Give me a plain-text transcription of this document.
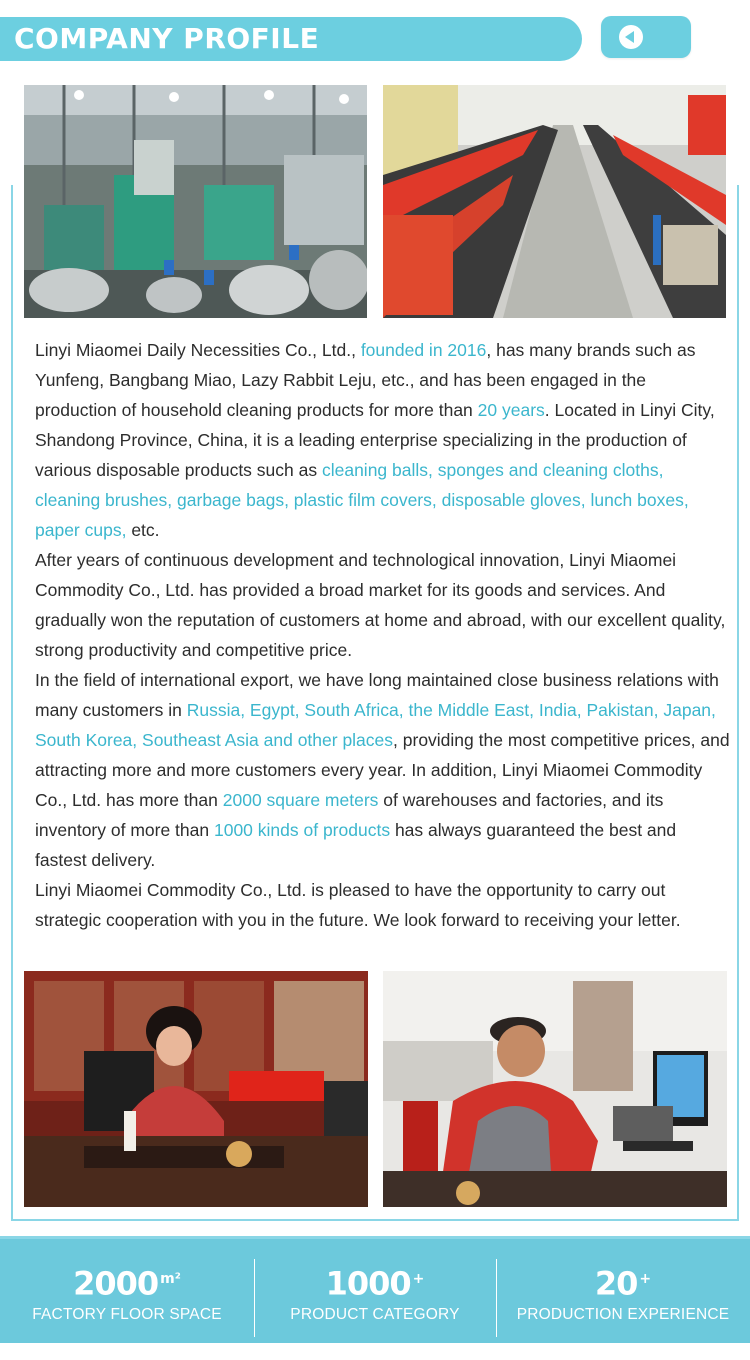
COMPANY PROFILE

Linyi Miaomei Daily Necessities Co., Ltd., founded in 2016, has many brands such as Yunfeng, Bangbang Miao, Lazy Rabbit Leju, etc., and has been engaged in the production of household cleaning products for more than 20 years. Located in Linyi City, Shandong Province, China, it is a leading enterprise specializing in the production of various disposable products such as cleaning balls, sponges and cleaning cloths, cleaning brushes, garbage bags, plastic film covers, disposable gloves, lunch boxes, paper cups, etc.

After years of continuous development and technological innovation, Linyi Miaomei Commodity Co., Ltd. has provided a broad market for its goods and services. And gradually won the reputation of customers at home and abroad, with our excellent quality, strong productivity and competitive price.

In the field of international export, we have long maintained close business relations with many customers in Russia, Egypt, South Africa, the Middle East, India, Pakistan, Japan, South Korea, Southeast Asia and other places, providing the most competitive prices, and attracting more and more customers every year. In addition, Linyi Miaomei Commodity Co., Ltd. has more than 2000 square meters of warehouses and factories, and its inventory of more than 1000 kinds of products has always guaranteed the best and fastest delivery.

Linyi Miaomei Commodity Co., Ltd. is pleased to have the opportunity to carry out strategic cooperation with you in the future. We look forward to receiving your letter.

2000 $^{m^2}$
FACTORY FLOOR SPACE
1000 +
PRODUCT CATEGORY
20 +
PRODUCTION EXPERIENCE
